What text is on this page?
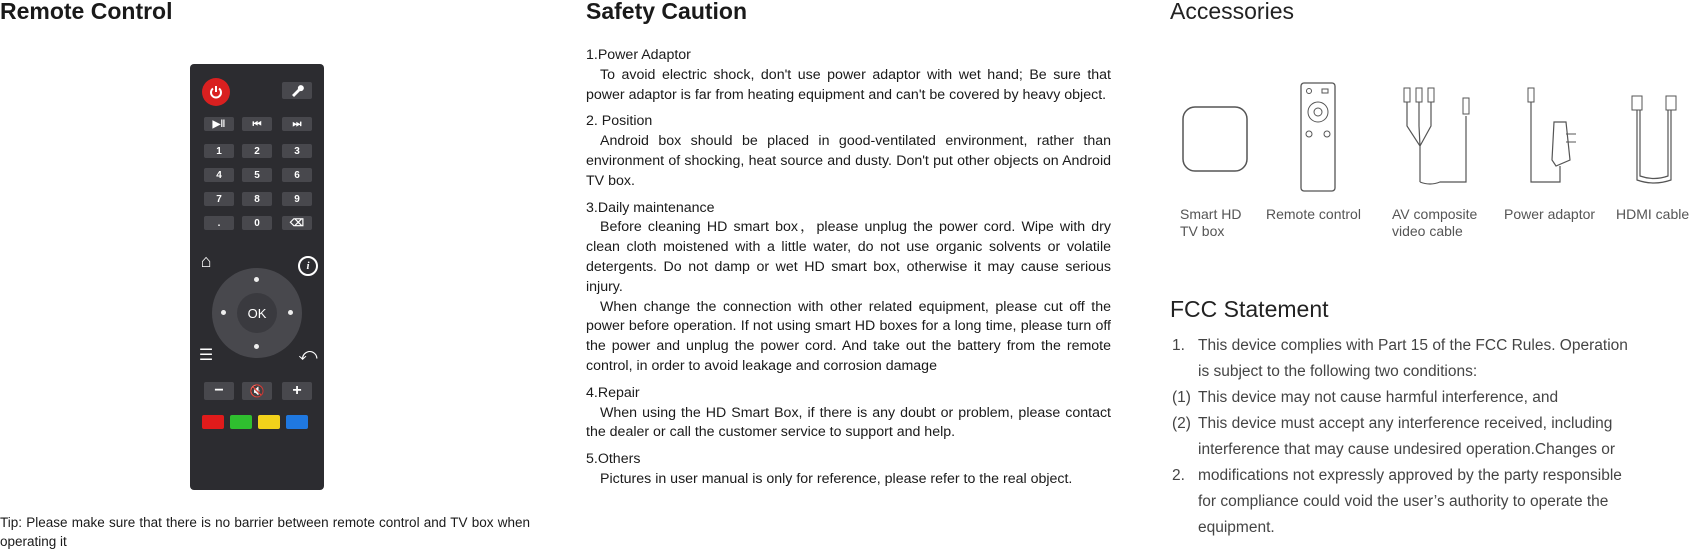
Remote Control
▶ǁ	⏮	⏭
1	2	3
4	5	6
7	8	9
.	0	⌫
⌂	i
OK
☰	⤺
−	🔇	+
Tip: Please make sure that there is no barrier between remote control and TV box when operating it
Safety Caution
1.Power Adaptor

To avoid electric shock, don't use power adaptor with wet hand; Be sure that power adaptor is far from heating equipment and can't be covered by heavy object.

2. Position

Android box should be placed in good-ventilated environment, rather than environment of shocking, heat source and dusty. Don't put other objects on Android TV box.

3.Daily maintenance

Before cleaning HD smart box，please unplug the power cord. Wipe with dry clean cloth moistened with a little water, do not use organic solvents or volatile detergents. Do not damp or wet HD smart box, otherwise it may cause serious injury.

When change the connection with other related equipment, please cut off the power before operation. If not using smart HD boxes for a long time, please turn off the power and unplug the power cord. And take out the battery from the remote control, in order to avoid leakage and corrosion damage

4.Repair

When using the HD Smart Box, if there is any doubt or problem, please contact the dealer or call the customer service to support and help.

5.Others

Pictures in user manual is only for reference, please refer to the real object.

Accessories
Smart HD
TV box
Remote control AV composite
video cable
Power adaptor HDMI cable
FCC Statement
1. This device complies with Part 15 of the FCC Rules. Operation
is subject to the following two conditions:
(1) This device may not cause harmful interference, and
(2) This device must accept any interference received, including
interference that may cause undesired operation.Changes or
2. modifications not expressly approved by the party responsible
for compliance could void the user’s authority to operate the
equipment.
